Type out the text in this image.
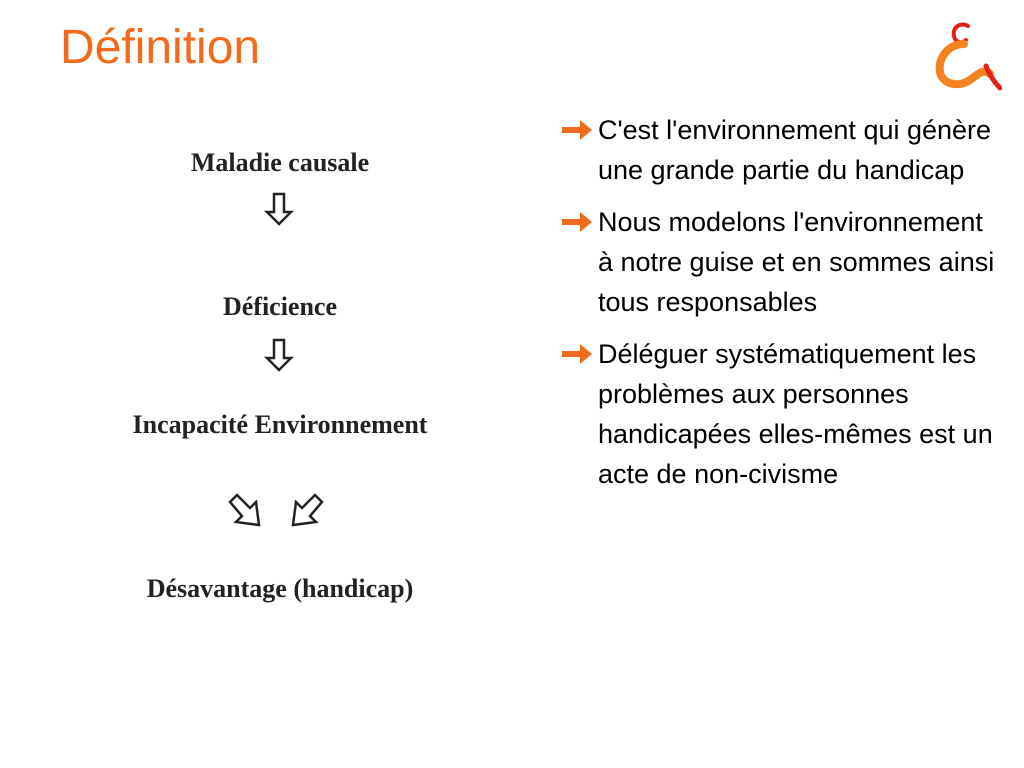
Définition
Maladie causale
Déficience
Incapacité Environnement
Désavantage (handicap)
C'est l'environnement qui génère une grande partie du handicap
Nous modelons l'environnement à notre guise et en sommes ainsi tous responsables
Déléguer systématiquement les problèmes aux personnes handicapées elles-mêmes est un acte de non-civisme
